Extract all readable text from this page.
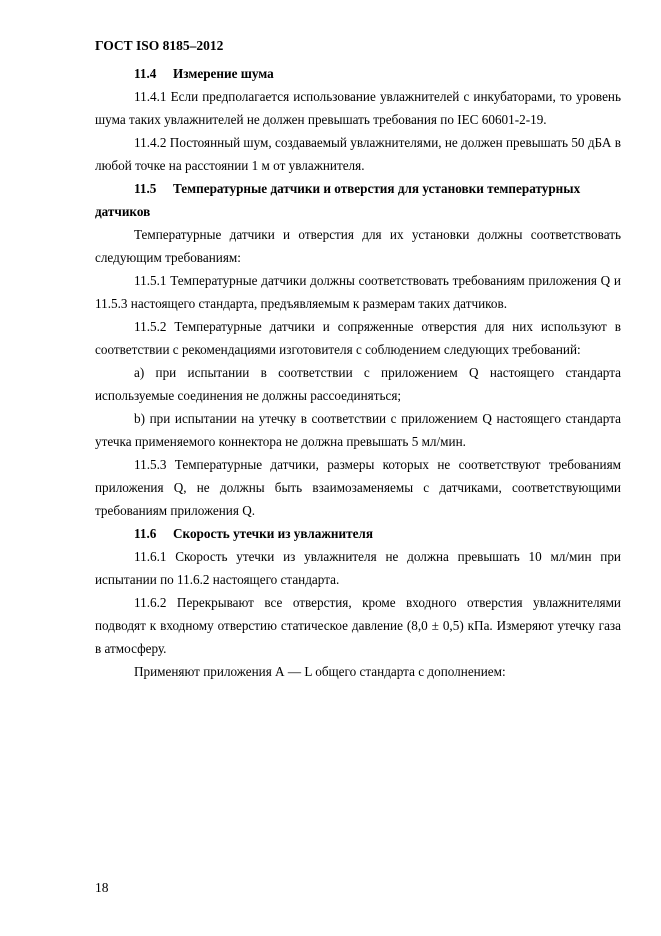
ГОСТ ISO 8185–2012

11.4 Измерение шума

11.4.1 Если предполагается использование увлажнителей с инкубаторами, то уровень шума таких увлажнителей не должен превышать требования по IEC 60601-2-19.

11.4.2 Постоянный шум, создаваемый увлажнителями, не должен превышать 50 дБА в любой точке на расстоянии 1 м от увлажнителя.

11.5 Температурные датчики и отверстия для установки температурных датчиков

Температурные датчики и отверстия для их установки должны соответствовать следующим требованиям:

11.5.1 Температурные датчики должны соответствовать требованиям приложения Q и 11.5.3 настоящего стандарта, предъявляемым к размерам таких датчиков.

11.5.2 Температурные датчики и сопряженные отверстия для них используют в соответствии с рекомендациями изготовителя с соблюдением следующих требований:

a) при испытании в соответствии с приложением Q настоящего стандарта используемые соединения не должны рассоединяться;

b) при испытании на утечку в соответствии с приложением Q настоящего стандарта утечка применяемого коннектора не должна превышать 5 мл/мин.

11.5.3 Температурные датчики, размеры которых не соответствуют требованиям приложения Q, не должны быть взаимозаменяемы с датчиками, соответствующими требованиям приложения Q.

11.6 Скорость утечки из увлажнителя

11.6.1 Скорость утечки из увлажнителя не должна превышать 10 мл/мин при испытании по 11.6.2 настоящего стандарта.

11.6.2 Перекрывают все отверстия, кроме входного отверстия увлажнителями подводят к входному отверстию статическое давление (8,0 ± 0,5) кПа. Измеряют утечку газа в атмосферу.

Применяют приложения А — L общего стандарта с дополнением:

18
